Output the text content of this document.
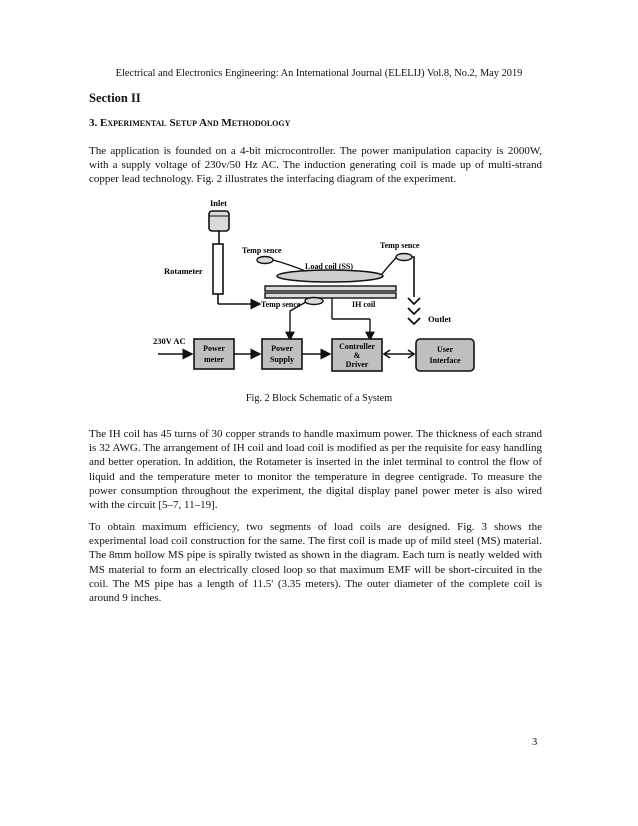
Electrical and Electronics Engineering: An International Journal (ELELIJ) Vol.8, No.2, May 2019
Section II
3. Experimental Setup And Methodology

The application is founded on a 4-bit microcontroller. The power manipulation capacity is 2000W, with a supply voltage of 230v/50 Hz AC. The induction generating coil is made up of multi-strand copper lead technology. Fig. 2 illustrates the interfacing diagram of the experiment.

Inlet
Rotameter
Temp sence
Load coil (SS)
IH coil
Temp sence
Temp sence
Outlet
230V AC
Power
meter
Power
Supply
Controller
&
Driver
User
Interface
Fig. 2 Block Schematic of a System

The IH coil has 45 turns of 30 copper strands to handle maximum power. The thickness of each strand is 32 AWG. The arrangement of IH coil and load coil is modified as per the requisite for easy handling and better operation. In addition, the Rotameter is inserted in the inlet terminal to control the flow of liquid and the temperature meter to monitor the temperature in degree centigrade. To measure the power consumption throughout the experiment, the digital display panel power meter is also wired with the circuit [5–7, 11–19].

To obtain maximum efficiency, two segments of load coils are designed. Fig. 3 shows the experimental load coil construction for the same. The first coil is made up of mild steel (MS) material. The 8mm hollow MS pipe is spirally twisted as shown in the diagram. Each turn is neatly welded with MS material to form an electrically closed loop so that maximum EMF will be short-circuited in the coil. The MS pipe has a length of 11.5' (3.35 meters). The outer diameter of the complete coil is around 9 inches.

3
